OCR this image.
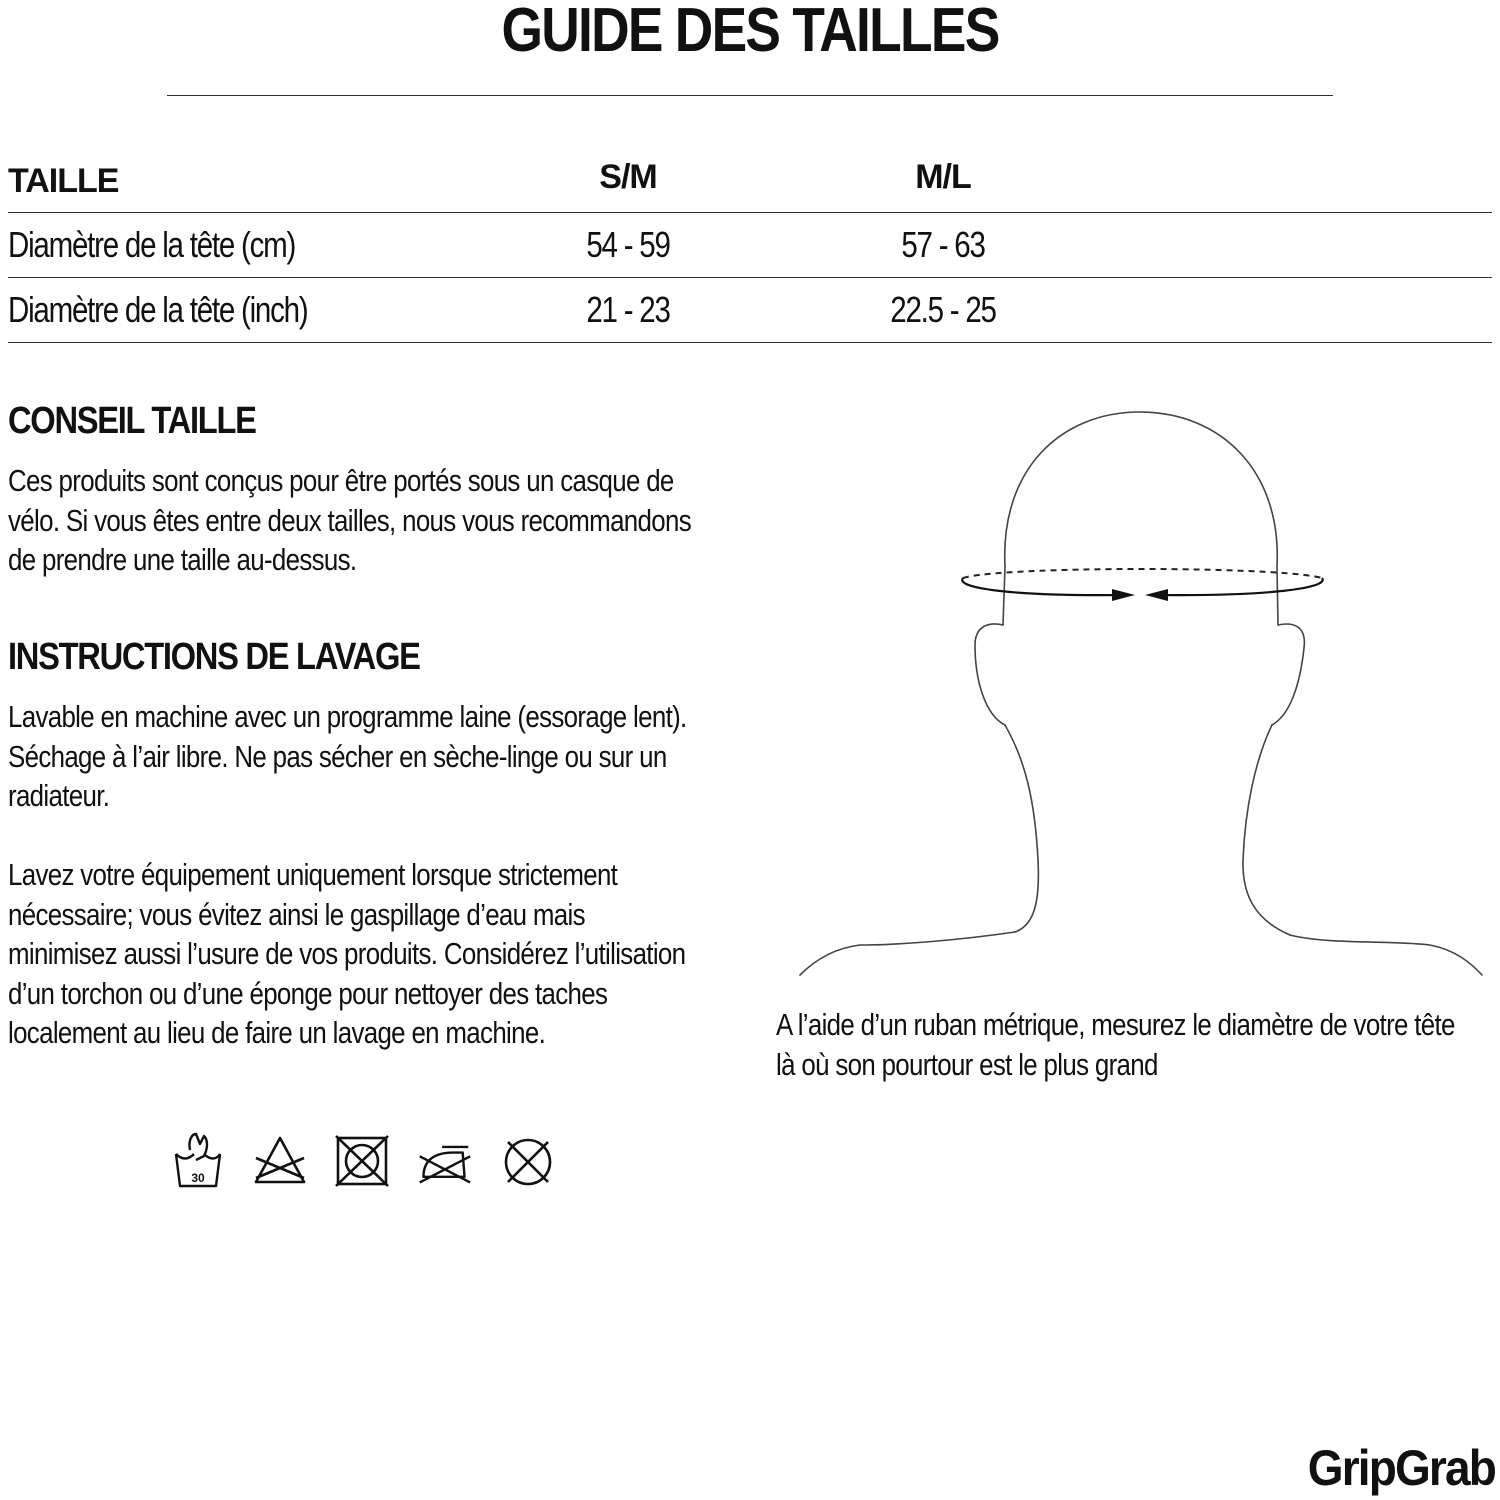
GUIDE DES TAILLES
TAILLE	S/M	M/L
Diamètre de la tête (cm)	54 - 59	57 - 63
Diamètre de la tête (inch)	21 - 23	22.5 - 25
CONSEIL TAILLE

Ces produits sont conçus pour être portés sous un casque de vélo. Si vous êtes entre deux tailles, nous vous recommandons de prendre une taille au-dessus.

INSTRUCTIONS DE LAVAGE

Lavable en machine avec un programme laine (essorage lent). Séchage à l’air libre. Ne pas sécher en sèche-linge ou sur un radiateur.

Lavez votre équipement uniquement lorsque strictement nécessaire; vous évitez ainsi le gaspillage d’eau mais minimisez aussi l’usure de vos produits. Considérez l’utilisation d’un torchon ou d’une éponge pour nettoyer des taches localement au lieu de faire un lavage en machine.	A l’aide d’un ruban métrique, mesurez le diamètre de votre tête là où son pourtour est le plus grand

30
GripGrab
